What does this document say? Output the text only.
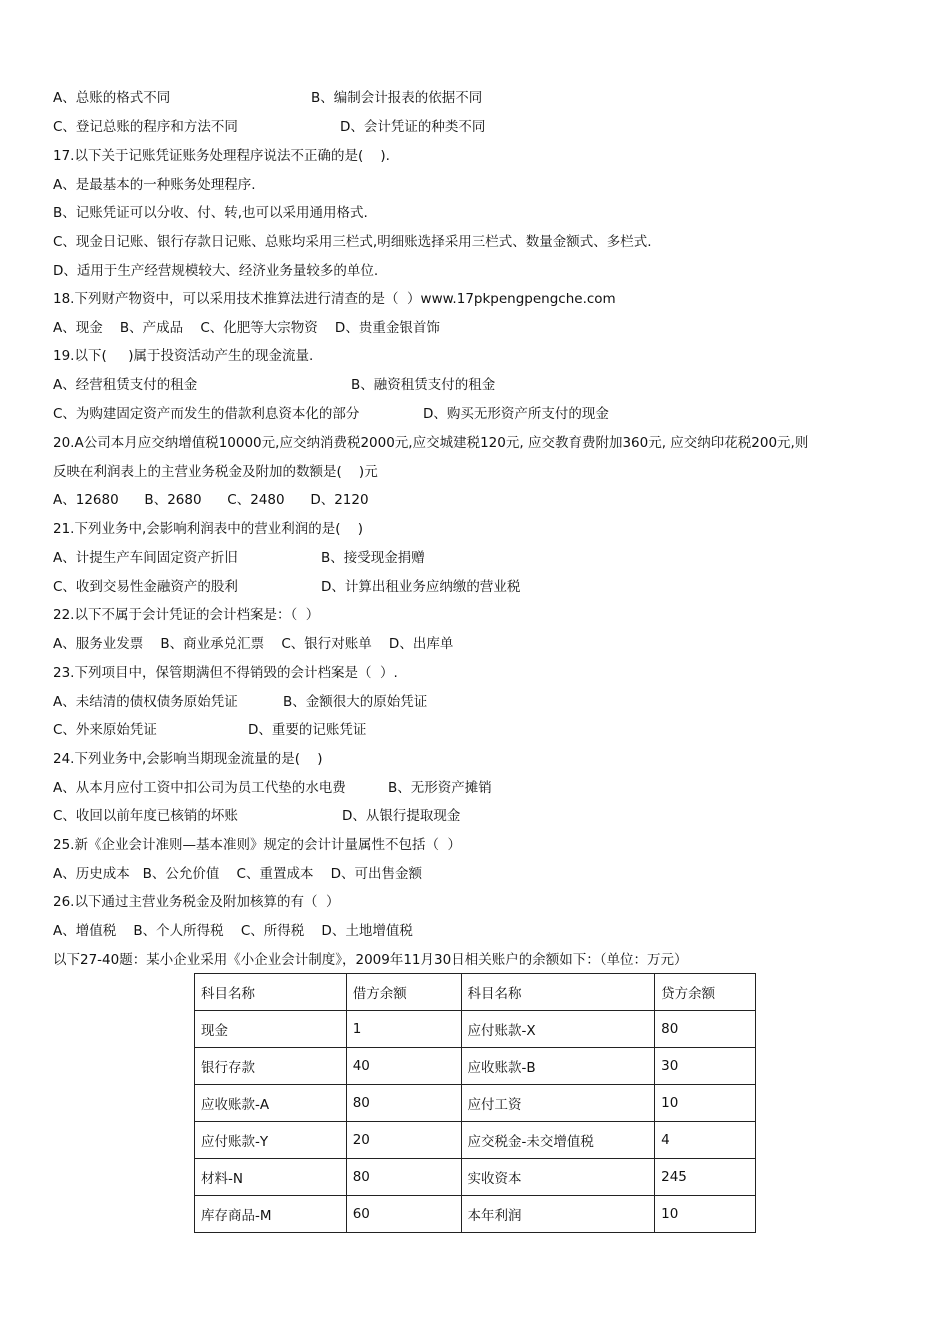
A、总账的格式不同	B、编制会计报表的依据不同
C、登记总账的程序和方法不同	D、会计凭证的种类不同
17.以下关于记账凭证账务处理程序说法不正确的是(    ).
A、是最基本的一种账务处理程序.
B、记账凭证可以分收、付、转,也可以采用通用格式.
C、现金日记账、银行存款日记账、总账均采用三栏式,明细账选择采用三栏式、数量金额式、多栏式.
D、适用于生产经营规模较大、经济业务量较多的单位.
18.下列财产物资中，可以采用技术推算法进行清查的是（  ）www.17pkpengpengche.com
A、现金    B、产成品    C、化肥等大宗物资    D、贵重金银首饰
19.以下(     )属于投资活动产生的现金流量.
A、经营租赁支付的租金	B、融资租赁支付的租金
C、为购建固定资产而发生的借款利息资本化的部分	D、购买无形资产所支付的现金
20.A公司本月应交纳增值税10000元,应交纳消费税2000元,应交城建税120元, 应交教育费附加360元, 应交纳印花税200元,则
反映在利润表上的主营业务税金及附加的数额是(    )元
A、12680      B、2680      C、2480      D、2120
21.下列业务中,会影响利润表中的营业利润的是(    )
A、计提生产车间固定资产折旧	B、接受现金捐赠
C、收到交易性金融资产的股利	D、计算出租业务应纳缴的营业税
22.以下不属于会计凭证的会计档案是：（  ）
A、服务业发票    B、商业承兑汇票    C、银行对账单    D、出库单
23.下列项目中，保管期满但不得销毁的会计档案是（  ）.
A、未结清的债权债务原始凭证	B、金额很大的原始凭证
C、外来原始凭证	D、重要的记账凭证
24.下列业务中,会影响当期现金流量的是(    )
A、从本月应付工资中扣公司为员工代垫的水电费	B、无形资产摊销
C、收回以前年度已核销的坏账	D、从银行提取现金
25.新《企业会计准则—基本准则》规定的会计计量属性不包括（  ）
A、历史成本   B、公允价值    C、重置成本    D、可出售金额
26.以下通过主营业务税金及附加核算的有（  ）
A、增值税    B、个人所得税    C、所得税    D、土地增值税
以下27-40题：某小企业采用《小企业会计制度》，2009年11月30日相关账户的余额如下：（单位：万元）
科目名称	借方余额	科目名称	贷方余额
现金	1	应付账款-X	80
银行存款	40	应收账款-B	30
应收账款-A	80	应付工资	10
应付账款-Y	20	应交税金-未交增值税	4
材料-N	80	实收资本	245
库存商品-M	60	本年利润	10
